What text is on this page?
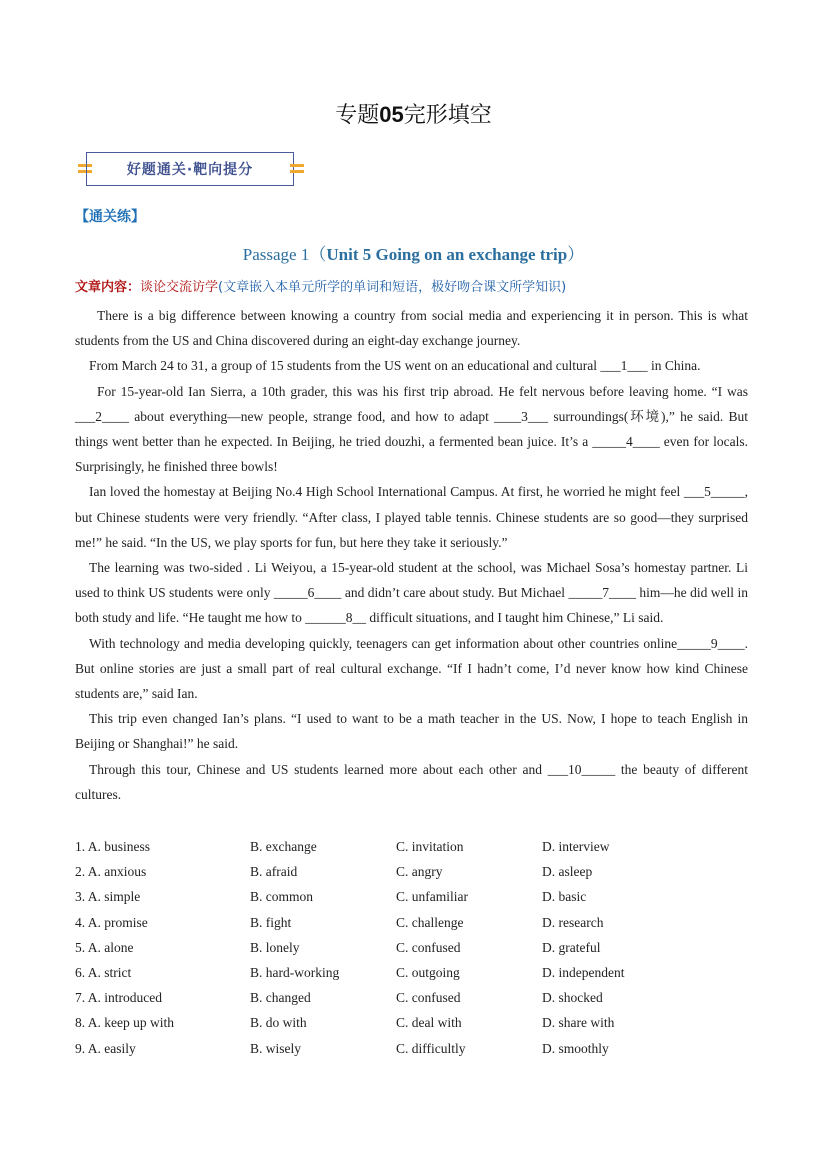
专题05完形填空
好题通关·靶向提分
【通关练】
Passage 1（Unit 5 Going on an exchange trip）
文章内容：谈论交流访学(文章嵌入本单元所学的单词和短语，极好吻合课文所学知识)

There is a big difference between knowing a country from social media and experiencing it in person. This is what students from the US and China discovered during an eight-day exchange journey.

From March 24 to 31, a group of 15 students from the US went on an educational and cultural ___1___ in China.

For 15-year-old Ian Sierra, a 10th grader, this was his first trip abroad. He felt nervous before leaving home. “I was ___2____ about everything—new people, strange food, and how to adapt ____3___ surroundings(环境),” he said. But things went better than he expected. In Beijing, he tried douzhi, a fermented bean juice. It’s a _____4____ even for locals. Surprisingly, he finished three bowls!

Ian loved the homestay at Beijing No.4 High School International Campus. At first, he worried he might feel ___5_____, but Chinese students were very friendly. “After class, I played table tennis. Chinese students are so good—they surprised me!” he said. “In the US, we play sports for fun, but here they take it seriously.”

The learning was two-sided . Li Weiyou, a 15-year-old student at the school, was Michael Sosa’s homestay partner. Li used to think US students were only _____6____ and didn’t care about study. But Michael _____7____ him—he did well in both study and life. “He taught me how to ______8__ difficult situations, and I taught him Chinese,” Li said.

With technology and media developing quickly, teenagers can get information about other countries online_____9____. But online stories are just a small part of real cultural exchange. “If I hadn’t come, I’d never know how kind Chinese students are,” said Ian.

This trip even changed Ian’s plans. “I used to want to be a math teacher in the US. Now, I hope to teach English in Beijing or Shanghai!” he said.

Through this tour, Chinese and US students learned more about each other and ___10_____ the beauty of different cultures.

1. A. business	B. exchange	C. invitation	D. interview
2. A. anxious	B. afraid	C. angry	D. asleep
3. A. simple	B. common	C. unfamiliar	D. basic
4. A. promise	B. fight	C. challenge	D. research
5. A. alone	B. lonely	C. confused	D. grateful
6. A. strict	B. hard-working	C. outgoing	D. independent
7. A. introduced	B. changed	C. confused	D. shocked
8. A. keep up with	B. do with	C. deal with	D. share with
9. A. easily	B. wisely	C. difficultly	D. smoothly
